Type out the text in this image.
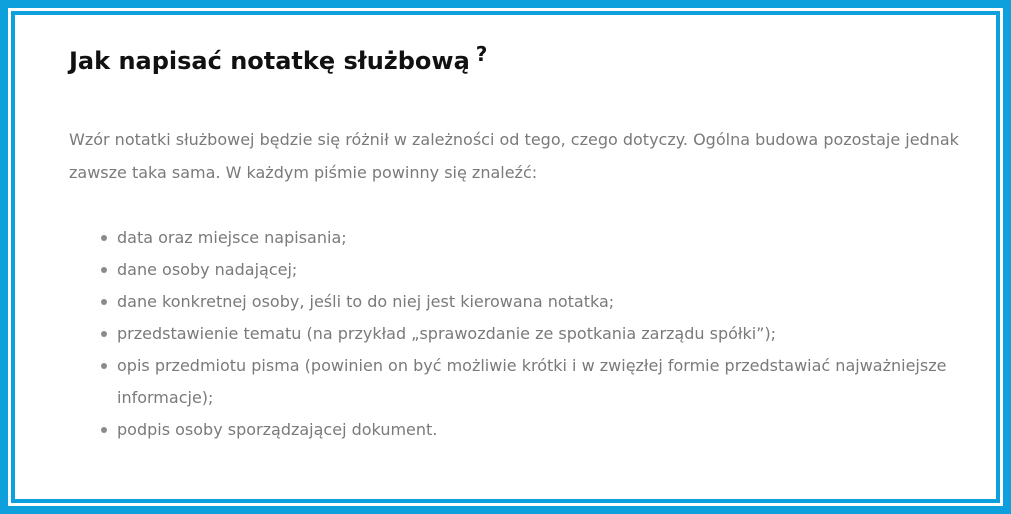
Jak napisać notatkę służbową ?

Wzór notatki służbowej będzie się różnił w zależności od tego, czego dotyczy. Ogólna budowa pozostaje jednak zawsze taka sama. W każdym piśmie powinny się znaleźć:

data oraz miejsce napisania;
dane osoby nadającej;
dane konkretnej osoby, jeśli to do niej jest kierowana notatka;
przedstawienie tematu (na przykład „sprawozdanie ze spotkania zarządu spółki”);
opis przedmiotu pisma (powinien on być możliwie krótki i w zwięzłej formie przedstawiać najważniejsze informacje);
podpis osoby sporządzającej dokument.
